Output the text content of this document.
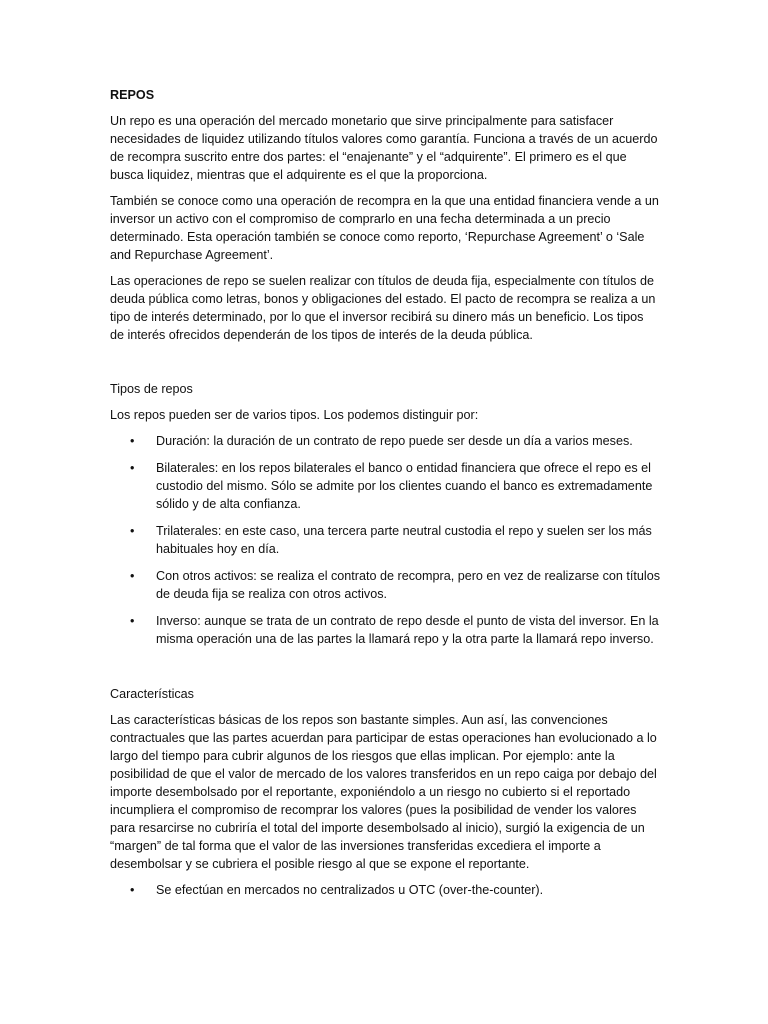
REPOS

Un repo es una operación del mercado monetario que sirve principalmente para satisfacer necesidades de liquidez utilizando títulos valores como garantía. Funciona a través de un acuerdo de recompra suscrito entre dos partes: el “enajenante” y el “adquirente”. El primero es el que busca liquidez, mientras que el adquirente es el que la proporciona.

También se conoce como una operación de recompra en la que una entidad financiera vende a un inversor un activo con el compromiso de comprarlo en una fecha determinada a un precio determinado. Esta operación también se conoce como reporto, ‘Repurchase Agreement’ o ‘Sale and Repurchase Agreement’.

Las operaciones de repo se suelen realizar con títulos de deuda fija, especialmente con títulos de deuda pública como letras, bonos y obligaciones del estado. El pacto de recompra se realiza a un tipo de interés determinado, por lo que el inversor recibirá su dinero más un beneficio. Los tipos de interés ofrecidos dependerán de los tipos de interés de la deuda pública.

Tipos de repos

Los repos pueden ser de varios tipos. Los podemos distinguir por:

• Duración: la duración de un contrato de repo puede ser desde un día a varios meses.
• Bilaterales: en los repos bilaterales el banco o entidad financiera que ofrece el repo es el custodio del mismo. Sólo se admite por los clientes cuando el banco es extremadamente sólido y de alta confianza.
• Trilaterales: en este caso, una tercera parte neutral custodia el repo y suelen ser los más habituales hoy en día.
• Con otros activos: se realiza el contrato de recompra, pero en vez de realizarse con títulos de deuda fija se realiza con otros activos.
• Inverso: aunque se trata de un contrato de repo desde el punto de vista del inversor. En la misma operación una de las partes la llamará repo y la otra parte la llamará repo inverso.
Características

Las características básicas de los repos son bastante simples. Aun así, las convenciones contractuales que las partes acuerdan para participar de estas operaciones han evolucionado a lo largo del tiempo para cubrir algunos de los riesgos que ellas implican. Por ejemplo: ante la posibilidad de que el valor de mercado de los valores transferidos en un repo caiga por debajo del importe desembolsado por el reportante, exponiéndolo a un riesgo no cubierto si el reportado incumpliera el compromiso de recomprar los valores (pues la posibilidad de vender los valores para resarcirse no cubriría el total del importe desembolsado al inicio), surgió la exigencia de un “margen” de tal forma que el valor de las inversiones transferidas excediera el importe a desembolsar y se cubriera el posible riesgo al que se expone el reportante.

• Se efectúan en mercados no centralizados u OTC (over-the-counter).
